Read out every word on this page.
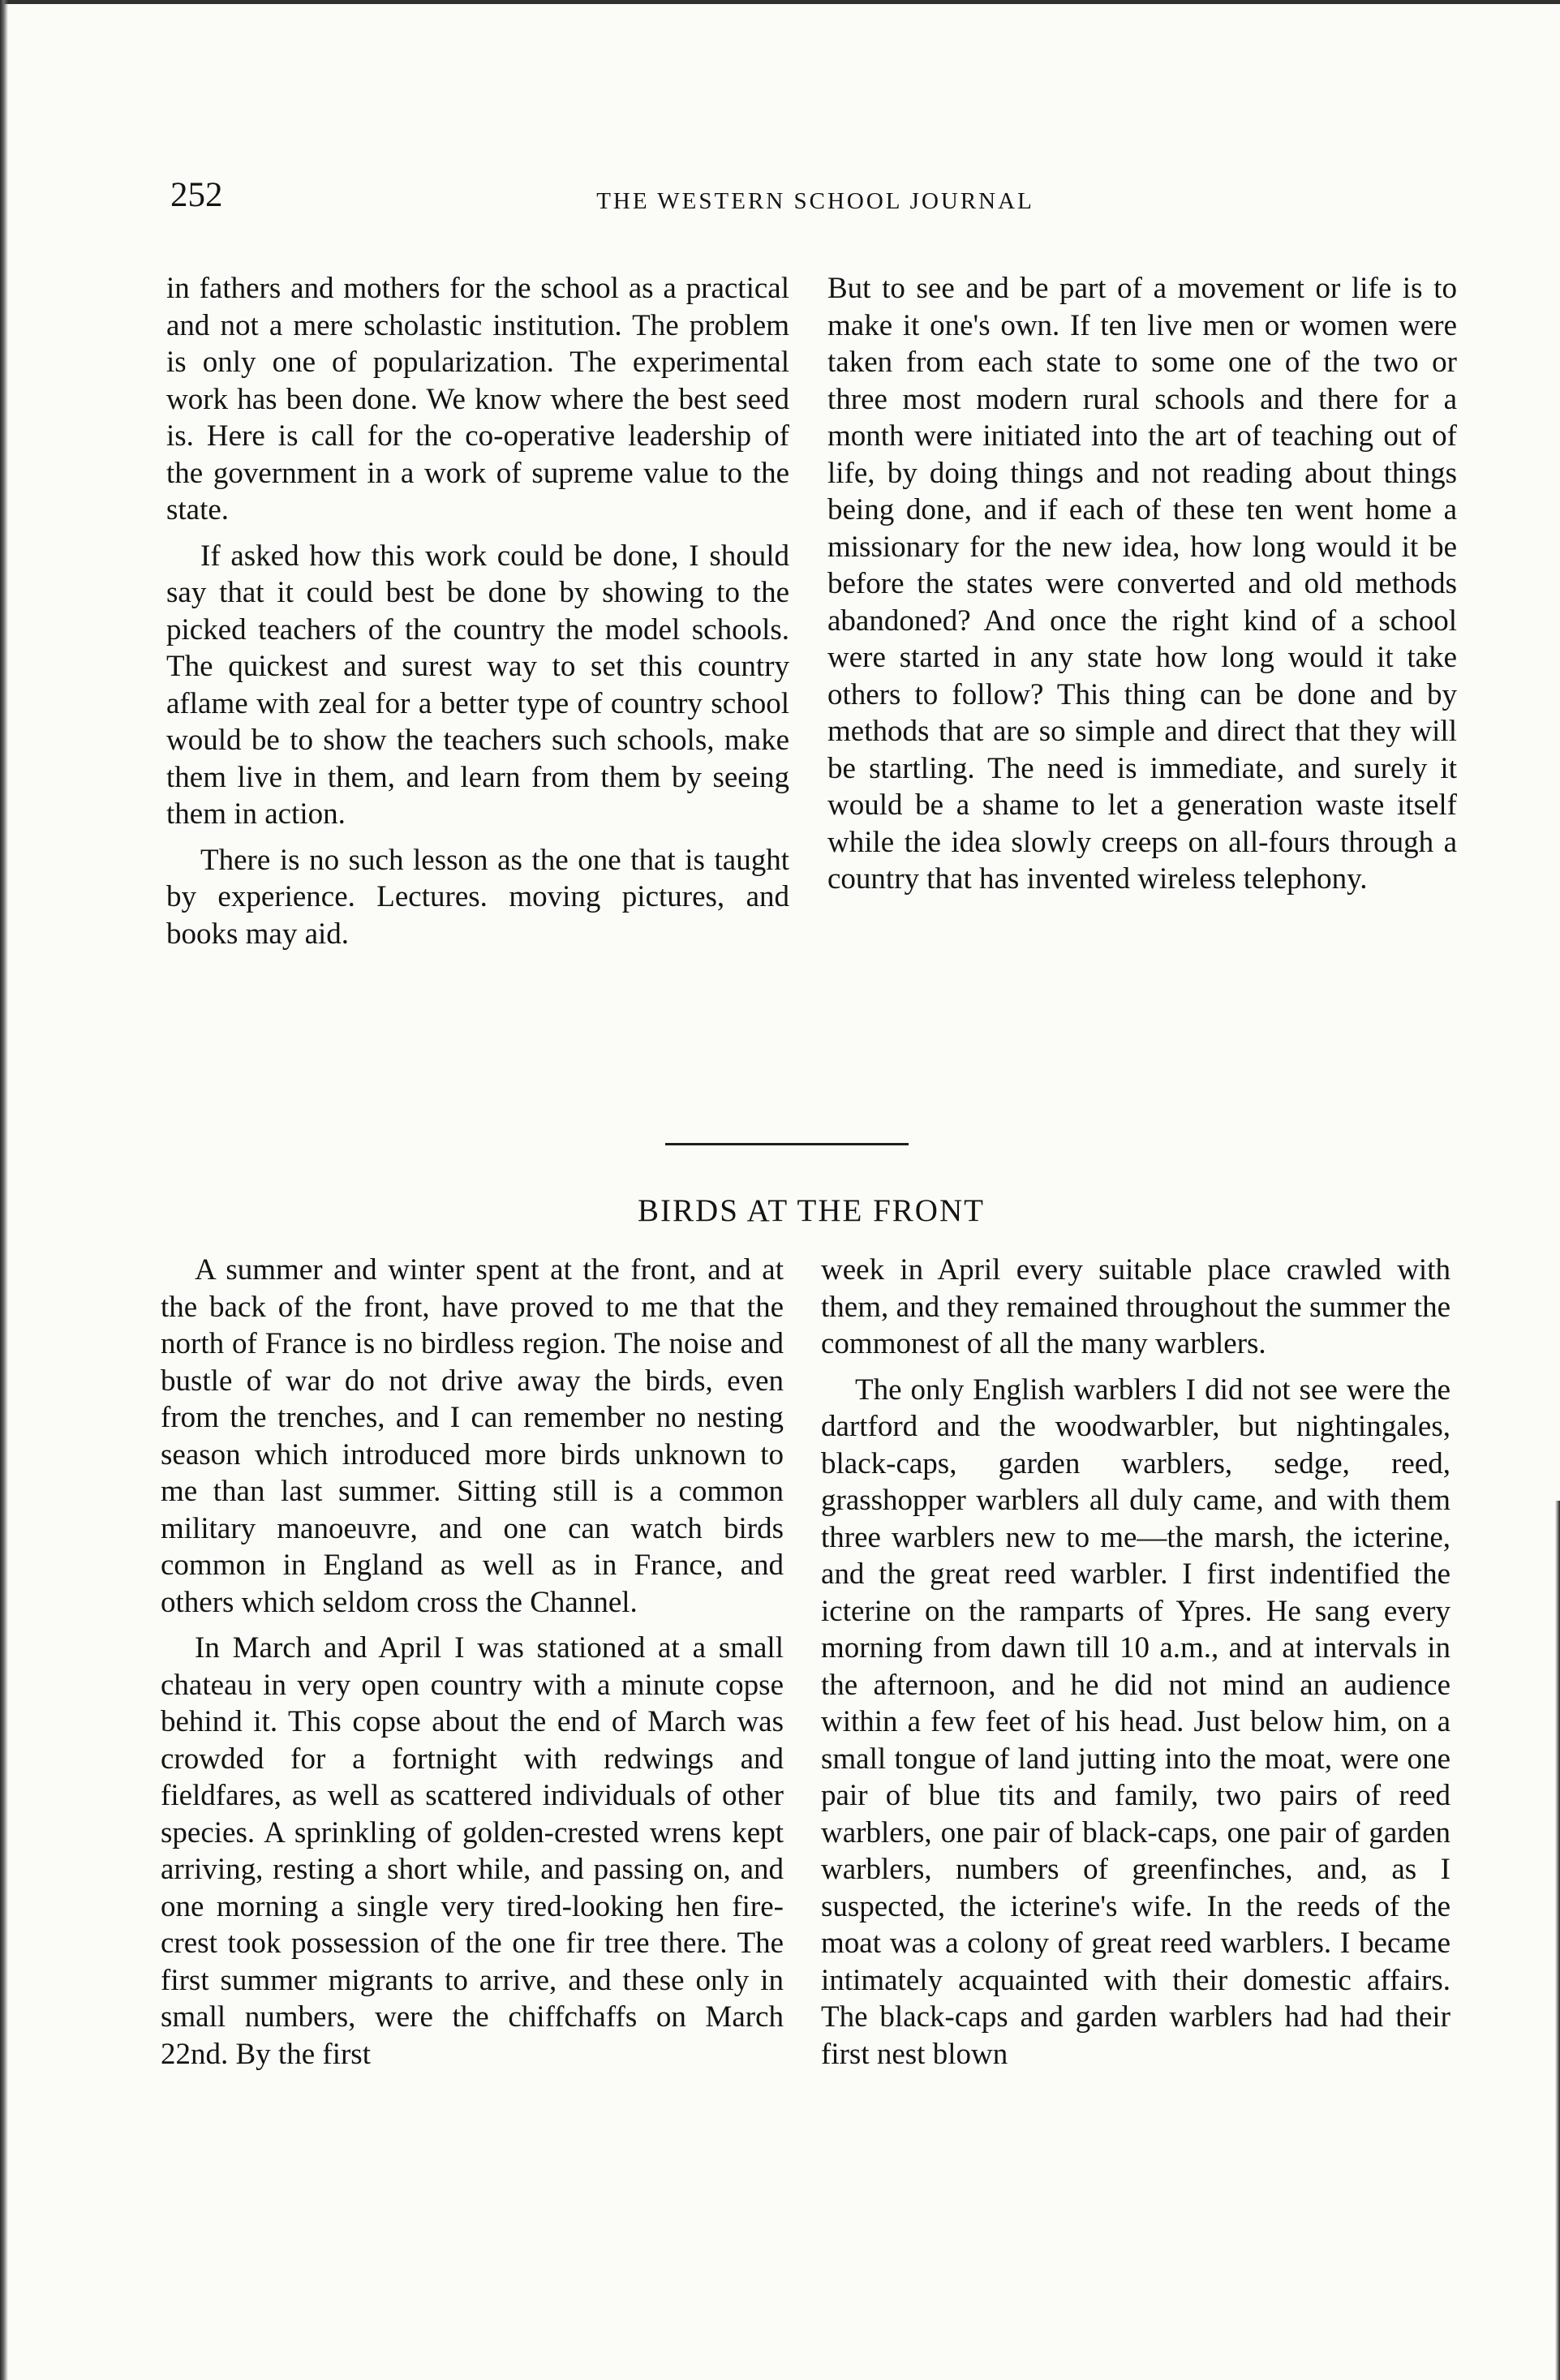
252	THE WESTERN SCHOOL JOURNAL

in fathers and mothers for the school as a practical and not a mere scholastic institution. The problem is only one of popularization. The experimental work has been done. We know where the best seed is. Here is call for the co-operative leadership of the government in a work of supreme value to the state.

If asked how this work could be done, I should say that it could best be done by showing to the picked teachers of the country the model schools. The quickest and surest way to set this country aflame with zeal for a better type of country school would be to show the teachers such schools, make them live in them, and learn from them by seeing them in action.

There is no such lesson as the one that is taught by experience. Lectures. moving pictures, and books may aid.

But to see and be part of a movement or life is to make it one's own. If ten live men or women were taken from each state to some one of the two or three most modern rural schools and there for a month were initiated into the art of teaching out of life, by doing things and not reading about things being done, and if each of these ten went home a missionary for the new idea, how long would it be before the states were converted and old methods abandoned? And once the right kind of a school were started in any state how long would it take others to follow? This thing can be done and by methods that are so simple and direct that they will be startling. The need is immediate, and surely it would be a shame to let a generation waste itself while the idea slowly creeps on all-fours through a country that has invented wireless telephony.

BIRDS AT THE FRONT

A summer and winter spent at the front, and at the back of the front, have proved to me that the north of France is no birdless region. The noise and bustle of war do not drive away the birds, even from the trenches, and I can remember no nesting season which introduced more birds unknown to me than last summer. Sitting still is a common military manoeuvre, and one can watch birds common in England as well as in France, and others which seldom cross the Channel.

In March and April I was stationed at a small chateau in very open country with a minute copse behind it. This copse about the end of March was crowded for a fortnight with redwings and fieldfares, as well as scattered individuals of other species. A sprinkling of golden-crested wrens kept arriving, resting a short while, and passing on, and one morning a single very tired-looking hen fire-crest took possession of the one fir tree there. The first summer migrants to arrive, and these only in small numbers, were the chiffchaffs on March 22nd. By the first

week in April every suitable place crawled with them, and they remained throughout the summer the commonest of all the many warblers.

The only English warblers I did not see were the dartford and the woodwarbler, but nightingales, black-caps, garden warblers, sedge, reed, grasshopper warblers all duly came, and with them three warblers new to me—the marsh, the icterine, and the great reed warbler. I first indentified the icterine on the ramparts of Ypres. He sang every morning from dawn till 10 a.m., and at intervals in the afternoon, and he did not mind an audience within a few feet of his head. Just below him, on a small tongue of land jutting into the moat, were one pair of blue tits and family, two pairs of reed warblers, one pair of black-caps, one pair of garden warblers, numbers of greenfinches, and, as I suspected, the icterine's wife. In the reeds of the moat was a colony of great reed warblers. I became intimately acquainted with their domestic affairs. The black-caps and garden warblers had had their first nest blown
